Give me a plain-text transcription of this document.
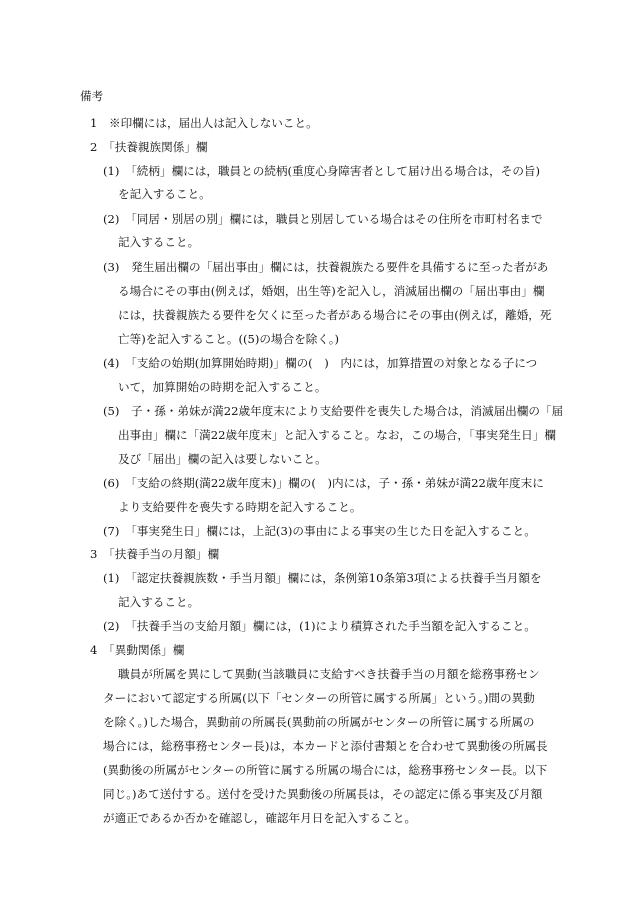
備考
1　※印欄には，届出人は記入しないこと。
2　「扶養親族関係」欄
(1)　「続柄」欄には，職員との続柄(重度心身障害者として届け出る場合は，その旨)
を記入すること。
(2)　「同居・別居の別」欄には，職員と別居している場合はその住所を市町村名まで
記入すること。
(3)　発生届出欄の「届出事由」欄には，扶養親族たる要件を具備するに至った者があ
る場合にその事由(例えば，婚姻，出生等)を記入し，消滅届出欄の「届出事由」欄
には，扶養親族たる要件を欠くに至った者がある場合にその事由(例えば，離婚，死
亡等)を記入すること。((5)の場合を除く。)
(4)　「支給の始期(加算開始時期)」欄の(　)　内には，加算措置の対象となる子につ
いて，加算開始の時期を記入すること。
(5)　子・孫・弟妹が満22歳年度末により支給要件を喪失した場合は，消滅届出欄の「届
出事由」欄に「満22歳年度末」と記入すること。なお，この場合，「事実発生日」欄
及び「届出」欄の記入は要しないこと。
(6)　「支給の終期(満22歳年度末)」欄の(　)内には，子・孫・弟妹が満22歳年度末に
より支給要件を喪失する時期を記入すること。
(7)　「事実発生日」欄には，上記(3)の事由による事実の生じた日を記入すること。
3　「扶養手当の月額」欄
(1)　「認定扶養親族数・手当月額」欄には，条例第10条第3項による扶養手当月額を
記入すること。
(2)　「扶養手当の支給月額」欄には，(1)により積算された手当額を記入すること。
4　「異動関係」欄
職員が所属を異にして異動(当該職員に支給すべき扶養手当の月額を総務事務セン
ターにおいて認定する所属(以下「センターの所管に属する所属」という。)間の異動
を除く。)した場合，異動前の所属長(異動前の所属がセンターの所管に属する所属の
場合には，総務事務センター長)は，本カードと添付書類とを合わせて異動後の所属長
(異動後の所属がセンターの所管に属する所属の場合には，総務事務センター長。以下
同じ。)あて送付する。送付を受けた異動後の所属長は，その認定に係る事実及び月額
が適正であるか否かを確認し，確認年月日を記入すること。
